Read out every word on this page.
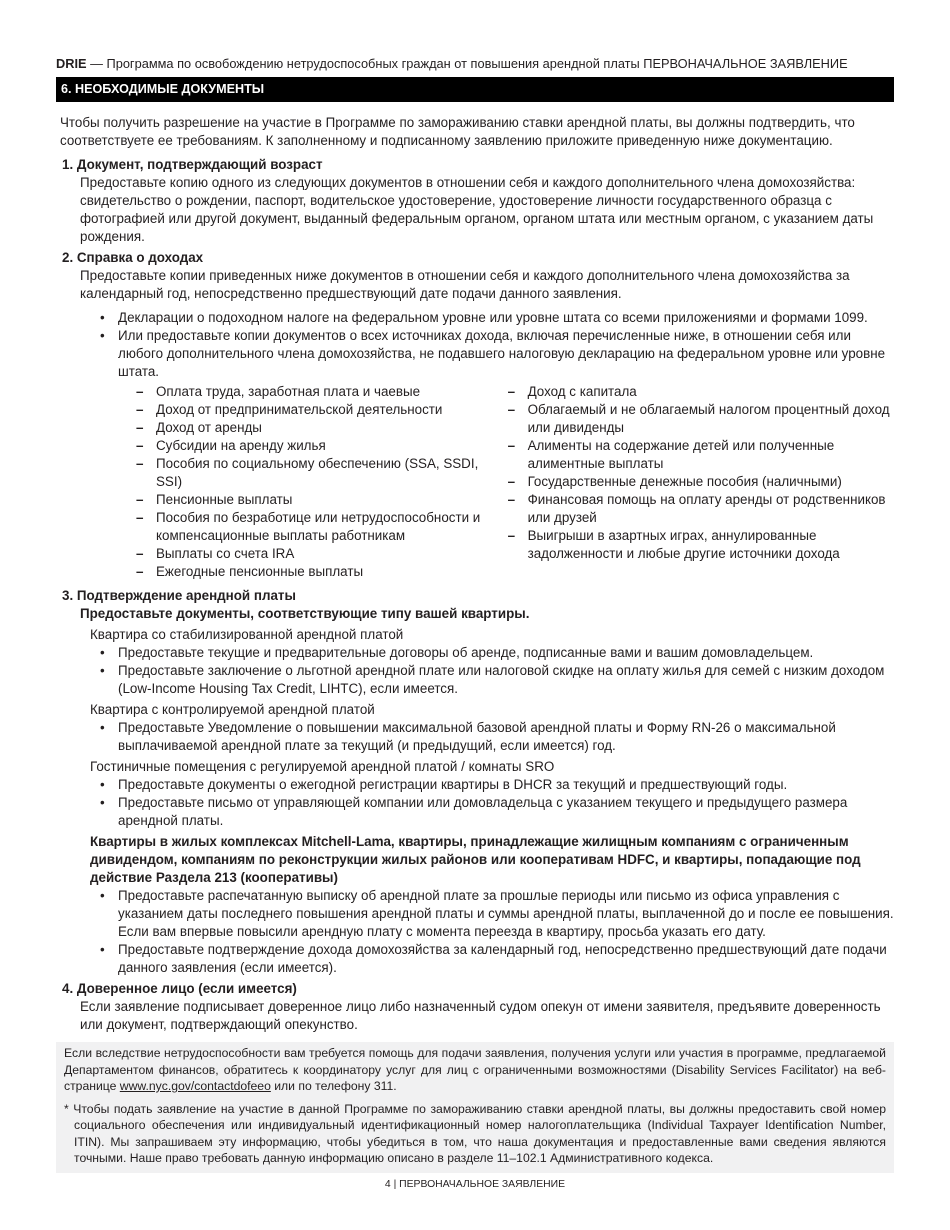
DRIE — Программа по освобождению нетрудоспособных граждан от повышения арендной платы ПЕРВОНАЧАЛЬНОЕ ЗАЯВЛЕНИЕ
6. НЕОБХОДИМЫЕ ДОКУМЕНТЫ

Чтобы получить разрешение на участие в Программе по замораживанию ставки арендной платы, вы должны подтвердить, что соответствуете ее требованиям. К заполненному и подписанному заявлению приложите приведенную ниже документацию.

1. Документ, подтверждающий возраст

Предоставьте копию одного из следующих документов в отношении себя и каждого дополнительного члена домохозяйства: свидетельство о рождении, паспорт, водительское удостоверение, удостоверение личности государственного образца с фотографией или другой документ, выданный федеральным органом, органом штата или местным органом, с указанием даты рождения.

2. Справка о доходах

Предоставьте копии приведенных ниже документов в отношении себя и каждого дополнительного члена домохозяйства за календарный год, непосредственно предшествующий дате подачи данного заявления.

• Декларации о подоходном налоге на федеральном уровне или уровне штата со всеми приложениями и формами 1099.
• Или предоставьте копии документов о всех источниках дохода, включая перечисленные ниже, в отношении себя или любого дополнительного члена домохозяйства, не подавшего налоговую декларацию на федеральном уровне или уровне штата.
– Оплата труда, заработная плата и чаевые
– Доход от предпринимательской деятельности
– Доход от аренды
– Субсидии на аренду жилья
– Пособия по социальному обеспечению (SSA, SSDI, SSI)
– Пенсионные выплаты
– Пособия по безработице или нетрудоспособности и компенсационные выплаты работникам
– Выплаты со счета IRA
– Ежегодные пенсионные выплаты
– Доход с капитала
– Облагаемый и не облагаемый налогом процентный доход или дивиденды
– Алименты на содержание детей или полученные алиментные выплаты
– Государственные денежные пособия (наличными)
– Финансовая помощь на оплату аренды от родственников или друзей
– Выигрыши в азартных играх, аннулированные задолженности и любые другие источники дохода
3. Подтверждение арендной платы
Предоставьте документы, соответствующие типу вашей квартиры.
Квартира со стабилизированной арендной платой
• Предоставьте текущие и предварительные договоры об аренде, подписанные вами и вашим домовладельцем.
• Предоставьте заключение о льготной арендной плате или налоговой скидке на оплату жилья для семей с низким доходом (Low-Income Housing Tax Credit, LIHTC), если имеется.
Квартира с контролируемой арендной платой
• Предоставьте Уведомление о повышении максимальной базовой арендной платы и Форму RN-26 о максимальной выплачиваемой арендной плате за текущий (и предыдущий, если имеется) год.
Гостиничные помещения с регулируемой арендной платой / комнаты SRO
• Предоставьте документы о ежегодной регистрации квартиры в DHCR за текущий и предшествующий годы.
• Предоставьте письмо от управляющей компании или домовладельца с указанием текущего и предыдущего размера арендной платы.
Квартиры в жилых комплексах Mitchell-Lama, квартиры, принадлежащие жилищным компаниям с ограниченным дивидендом, компаниям по реконструкции жилых районов или кооперативам HDFC, и квартиры, попадающие под действие Раздела 213 (кооперативы)
• Предоставьте распечатанную выписку об арендной плате за прошлые периоды или письмо из офиса управления с указанием даты последнего повышения арендной платы и суммы арендной платы, выплаченной до и после ее повышения. Если вам впервые повысили арендную плату с момента переезда в квартиру, просьба указать его дату.
• Предоставьте подтверждение дохода домохозяйства за календарный год, непосредственно предшествующий дате подачи данного заявления (если имеется).
4. Доверенное лицо (если имеется)

Если заявление подписывает доверенное лицо либо назначенный судом опекун от имени заявителя, предъявите доверенность или документ, подтверждающий опекунство.

Если вследствие нетрудоспособности вам требуется помощь для подачи заявления, получения услуги или участия в программе, предлагаемой Департаментом финансов, обратитесь к координатору услуг для лиц с ограниченными возможностями (Disability Services Facilitator) на веб-странице www.nyc.gov/contactdofeeo или по телефону 311.

* Чтобы подать заявление на участие в данной Программе по замораживанию ставки арендной платы, вы должны предоставить свой номер социального обеспечения или индивидуальный идентификационный номер налогоплательщика (Individual Taxpayer Identification Number, ITIN). Мы запрашиваем эту информацию, чтобы убедиться в том, что наша документация и предоставленные вами сведения являются точными. Наше право требовать данную информацию описано в разделе 11–102.1 Административного кодекса.

4 | ПЕРВОНАЧАЛЬНОЕ ЗАЯВЛЕНИЕ
